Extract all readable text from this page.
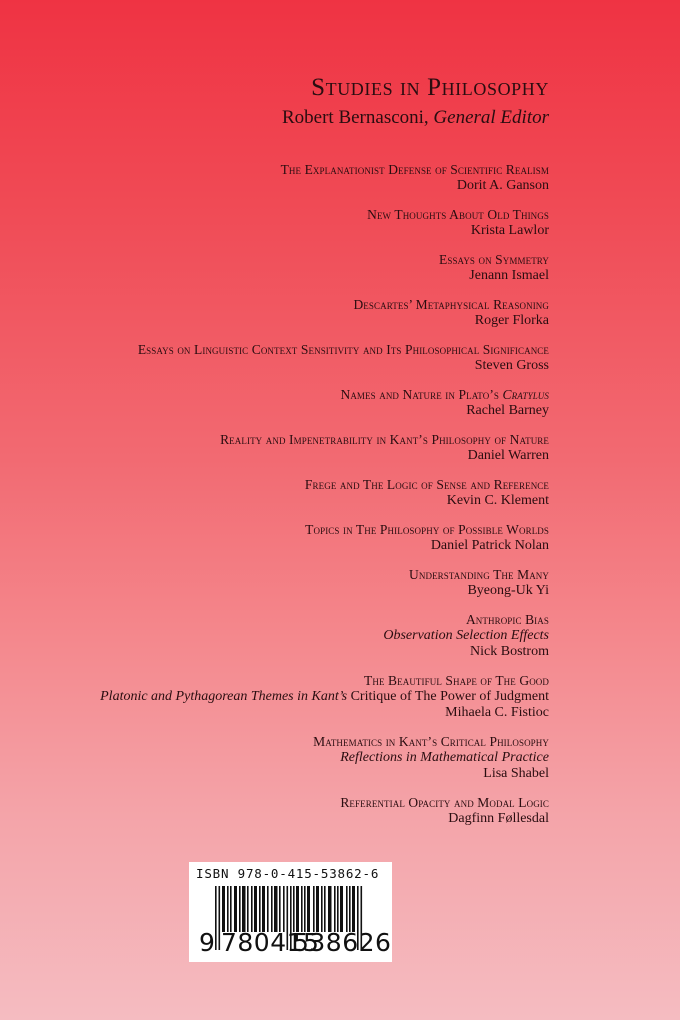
Studies in Philosophy
Robert Bernasconi, General Editor
The Explanationist Defense of Scientific Realism
Dorit A. Ganson
New Thoughts About Old Things
Krista Lawlor
Essays on Symmetry
Jenann Ismael
Descartes’ Metaphysical Reasoning
Roger Florka
Essays on Linguistic Context Sensitivity and Its Philosophical Significance
Steven Gross
Names and Nature in Plato’s Cratylus
Rachel Barney
Reality and Impenetrability in Kant’s Philosophy of Nature
Daniel Warren
Frege and The Logic of Sense and Reference
Kevin C. Klement
Topics in The Philosophy of Possible Worlds
Daniel Patrick Nolan
Understanding The Many
Byeong-Uk Yi
Anthropic Bias
Observation Selection Effects
Nick Bostrom
The Beautiful Shape of The Good
Platonic and Pythagorean Themes in Kant’s Critique of The Power of Judgment
Mihaela C. Fistioc
Mathematics in Kant’s Critical Philosophy
Reflections in Mathematical Practice
Lisa Shabel
Referential Opacity and Modal Logic
Dagfinn Føllesdal
ISBN 978-0-415-53862-6
9 780415
538626
